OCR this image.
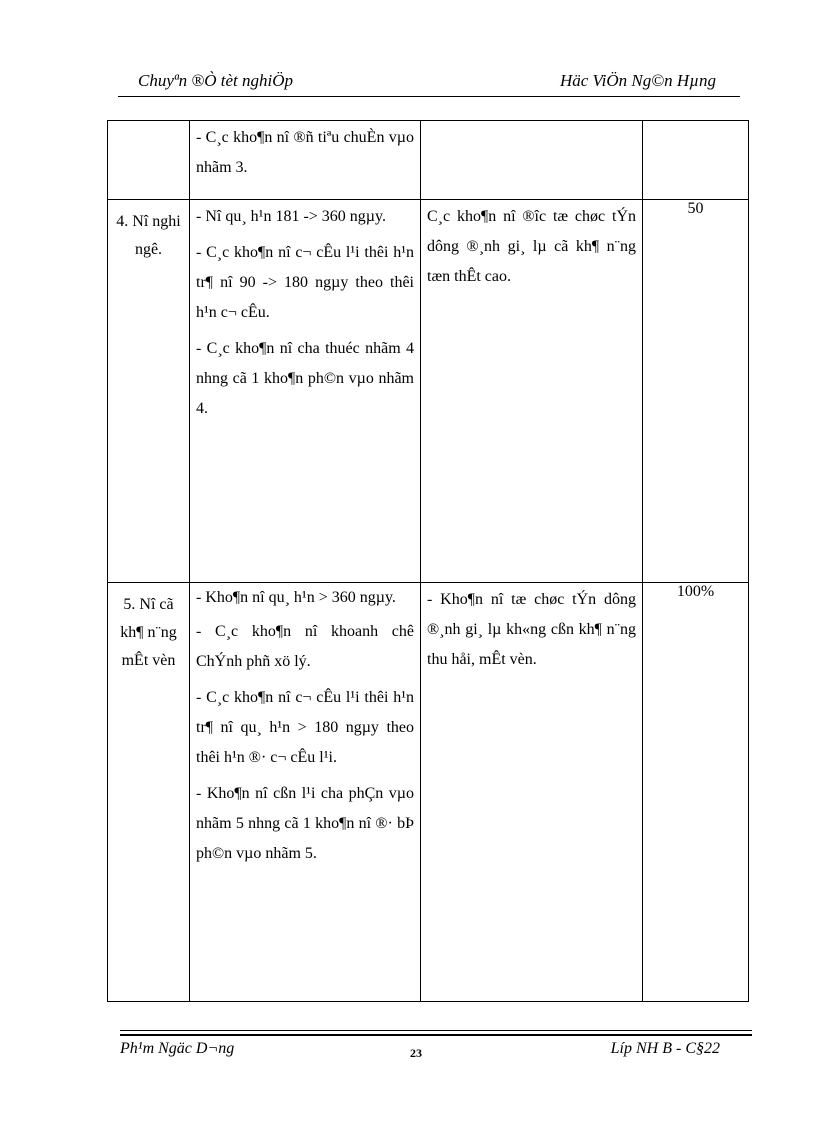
Chuyªn ®Ò tèt nghiÖp	Häc ViÖn Ng©n Hµng

	- C¸c kho¶n nî ®ñ tiªu chuÈn vµo nhãm 3.		

4. Nî nghi ngê.	- Nî qu¸ h¹n 181 -> 360 ngµy.

- C¸c kho¶n nî c¬ cÊu l¹i thêi h¹n tr¶ nî 90 -> 180 ngµy theo thêi h¹n c¬ cÊu.

- C¸c kho¶n nî cha thuéc nhãm 4 nhng cã 1 kho¶n ph©n vµo nhãm 4.	C¸c kho¶n nî ®îc tæ chøc tÝn dông ®¸nh gi¸ lµ cã kh¶ n¨ng tæn thÊt cao.	50

5. Nî cã kh¶ n¨ng mÊt vèn	- Kho¶n nî qu¸ h¹n > 360 ngµy.

- C¸c kho¶n nî khoanh chê ChÝnh phñ xö lý.

- C¸c kho¶n nî c¬ cÊu l¹i thêi h¹n tr¶ nî qu¸ h¹n > 180 ngµy theo thêi h¹n ®· c¬ cÊu l¹i.

- Kho¶n nî cßn l¹i cha phÇn vµo nhãm 5 nhng cã 1 kho¶n nî ®· bÞ ph©n vµo nhãm 5.	- Kho¶n nî tæ chøc tÝn dông ®¸nh gi¸ lµ kh«ng cßn kh¶ n¨ng thu håi, mÊt vèn.	100%
Ph¹m Ngäc D¬ng	23	Líp NH B - C§22
